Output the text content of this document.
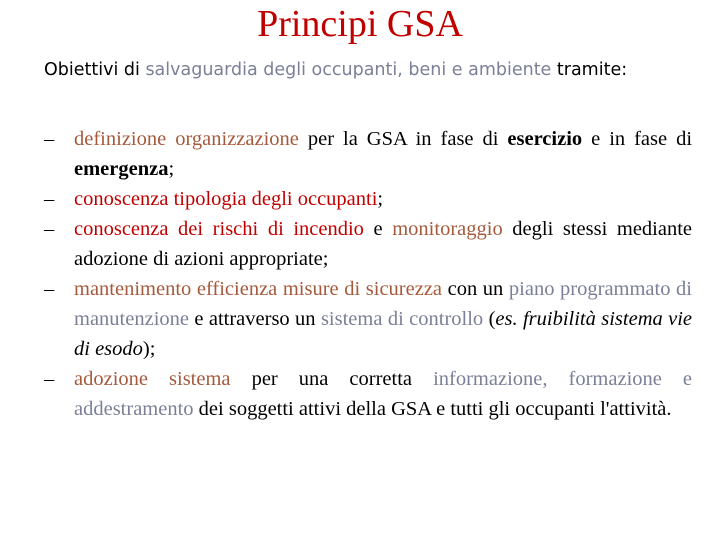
Principi GSA
Obiettivi di salvaguardia degli occupanti, beni e ambiente tramite:
– definizione organizzazione per la GSA in fase di esercizio e in fase di emergenza;
– conoscenza tipologia degli occupanti;
– conoscenza dei rischi di incendio e monitoraggio degli stessi mediante adozione di azioni appropriate;
– mantenimento efficienza misure di sicurezza con un piano programmato di manutenzione e attraverso un sistema di controllo (es. fruibilità sistema vie di esodo);
– adozione sistema per una corretta informazione, formazione e addestramento dei soggetti attivi della GSA e tutti gli occupanti l'attività.
